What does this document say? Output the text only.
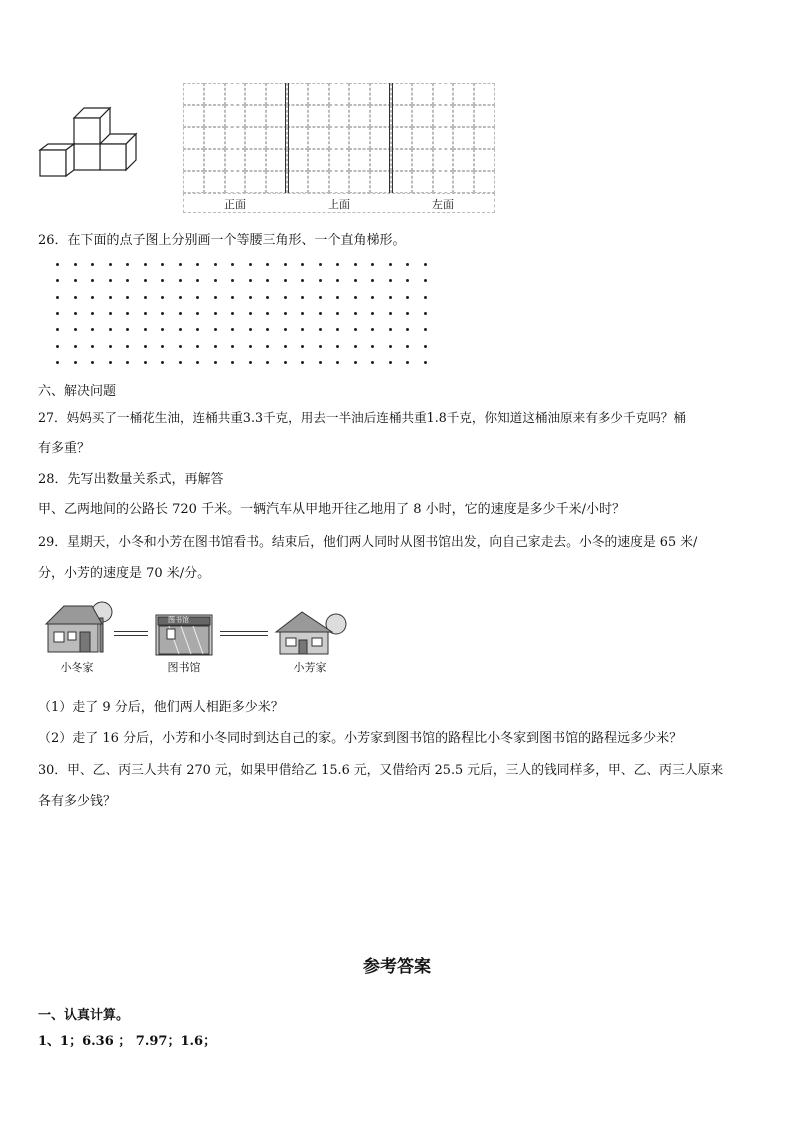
正面	上面	左面
26．在下面的点子图上分别画一个等腰三角形、一个直角梯形。
六、解决问题
27．妈妈买了一桶花生油，连桶共重3.3千克，用去一半油后连桶共重1.8千克，你知道这桶油原来有多少千克吗？桶
有多重？
28．先写出数量关系式，再解答
甲、乙两地间的公路长 720 千米。一辆汽车从甲地开往乙地用了 8 小时，它的速度是多少千米/小时？
29．星期天，小冬和小芳在图书馆看书。结束后，他们两人同时从图书馆出发，向自己家走去。小冬的速度是 65 米/
分，小芳的速度是 70 米/分。
图书馆
小冬家	图书馆	小芳家
（1）走了 9 分后，他们两人相距多少米？
（2）走了 16 分后，小芳和小冬同时到达自己的家。小芳家到图书馆的路程比小冬家到图书馆的路程远多少米？
30．甲、乙、丙三人共有 270 元，如果甲借给乙 15.6 元，又借给丙 25.5 元后，三人的钱同样多，甲、乙、丙三人原来
各有多少钱？
参考答案
一、认真计算。
1、1；6.36 ； 7.97；1.6；
